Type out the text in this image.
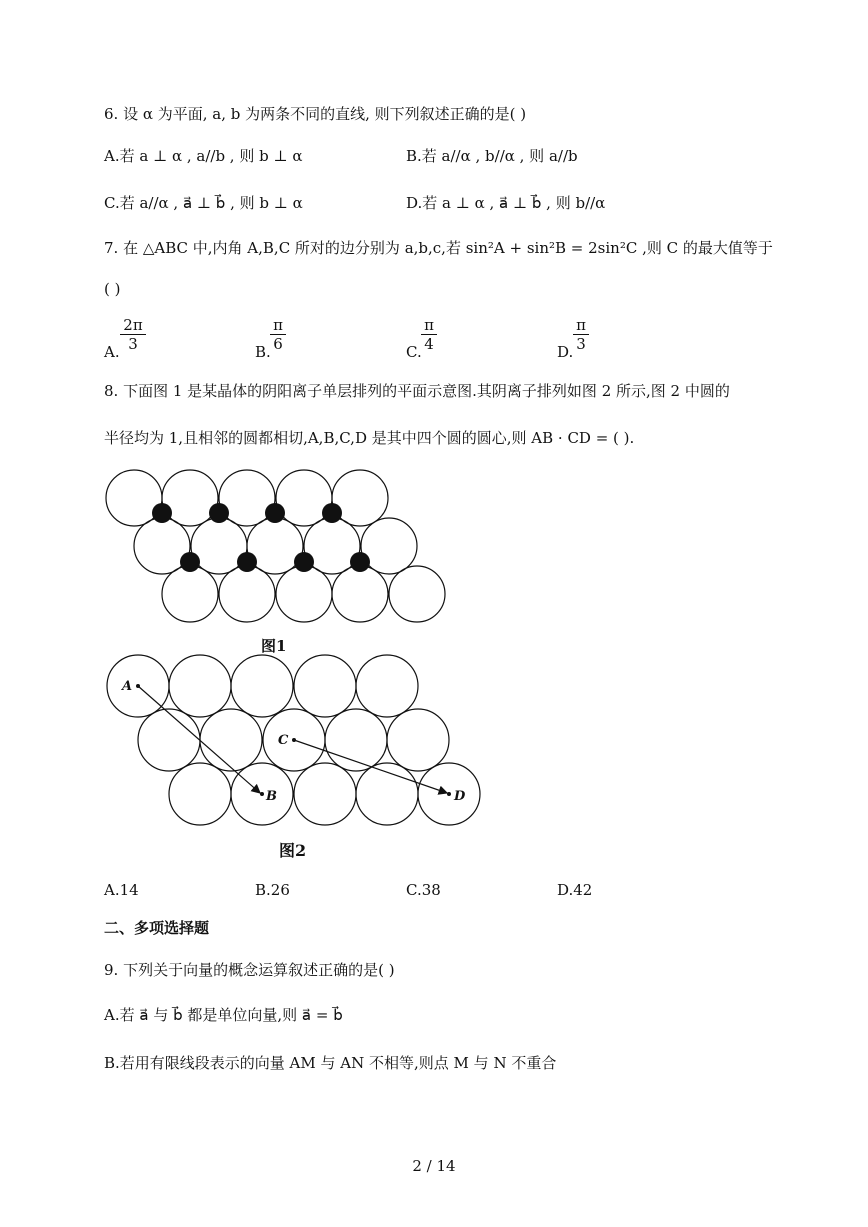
6. 设 α 为平面, a, b 为两条不同的直线, 则下列叙述正确的是( )
A.若 a ⊥ α , a//b , 则 b ⊥ α	B.若 a//α , b//α , 则 a//b
C.若 a//α , a⃗ ⊥ b⃗ , 则 b ⊥ α	D.若 a ⊥ α , a⃗ ⊥ b⃗ , 则 b//α
7. 在 △ABC 中,内角 A,B,C 所对的边分别为 a,b,c,若 sin²A + sin²B = 2sin²C ,则 C 的最大值等于
( )
A. $\frac{2\pi}{3}$	B. $\frac{\pi}{6}$	C. $\frac{\pi}{4}$	D. $\frac{\pi}{3}$
8. 下面图 1 是某晶体的阴阳离子单层排列的平面示意图.其阴离子排列如图 2 所示,图 2 中圆的
半径均为 1,且相邻的圆都相切,A,B,C,D 是其中四个圆的圆心,则 AB · CD = ( ).
图1
A
B
C
D
图2
A.14	B.26	C.38	D.42
二、多项选择题
9. 下列关于向量的概念运算叙述正确的是( )
A.若 a⃗ 与 b⃗ 都是单位向量,则 a⃗ = b⃗
B.若用有限线段表示的向量 AM 与 AN 不相等,则点 M 与 N 不重合
2 / 14
